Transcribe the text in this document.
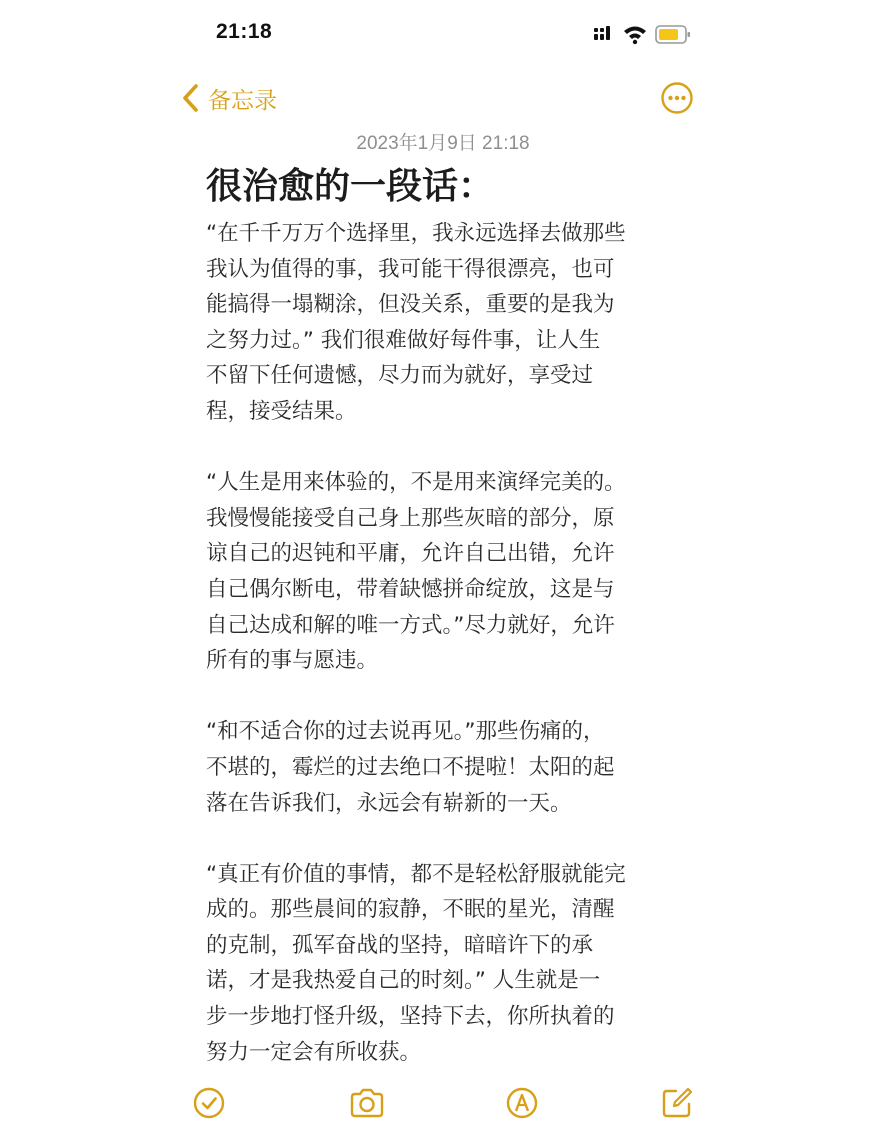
21:18
备忘录
2023年1月9日 21:18
很治愈的一段话：

“在千千万万个选择里，我永远选择去做那些
我认为值得的事，我可能干得很漂亮，也可
能搞得一塌糊涂，但没关系，重要的是我为
之努力过。” 我们很难做好每件事，让人生
不留下任何遗憾，尽力而为就好，享受过
程，接受结果。

“人生是用来体验的，不是用来演绎完美的。
我慢慢能接受自己身上那些灰暗的部分，原
谅自己的迟钝和平庸，允许自己出错，允许
自己偶尔断电，带着缺憾拼命绽放，这是与
自己达成和解的唯一方式。”尽力就好，允许
所有的事与愿违。

“和不适合你的过去说再见。”那些伤痛的，
不堪的，霉烂的过去绝口不提啦！太阳的起
落在告诉我们，永远会有崭新的一天。

“真正有价值的事情，都不是轻松舒服就能完
成的。那些晨间的寂静，不眠的星光，清醒
的克制，孤军奋战的坚持，暗暗许下的承
诺，才是我热爱自己的时刻。” 人生就是一
步一步地打怪升级，坚持下去，你所执着的
努力一定会有所收获。
